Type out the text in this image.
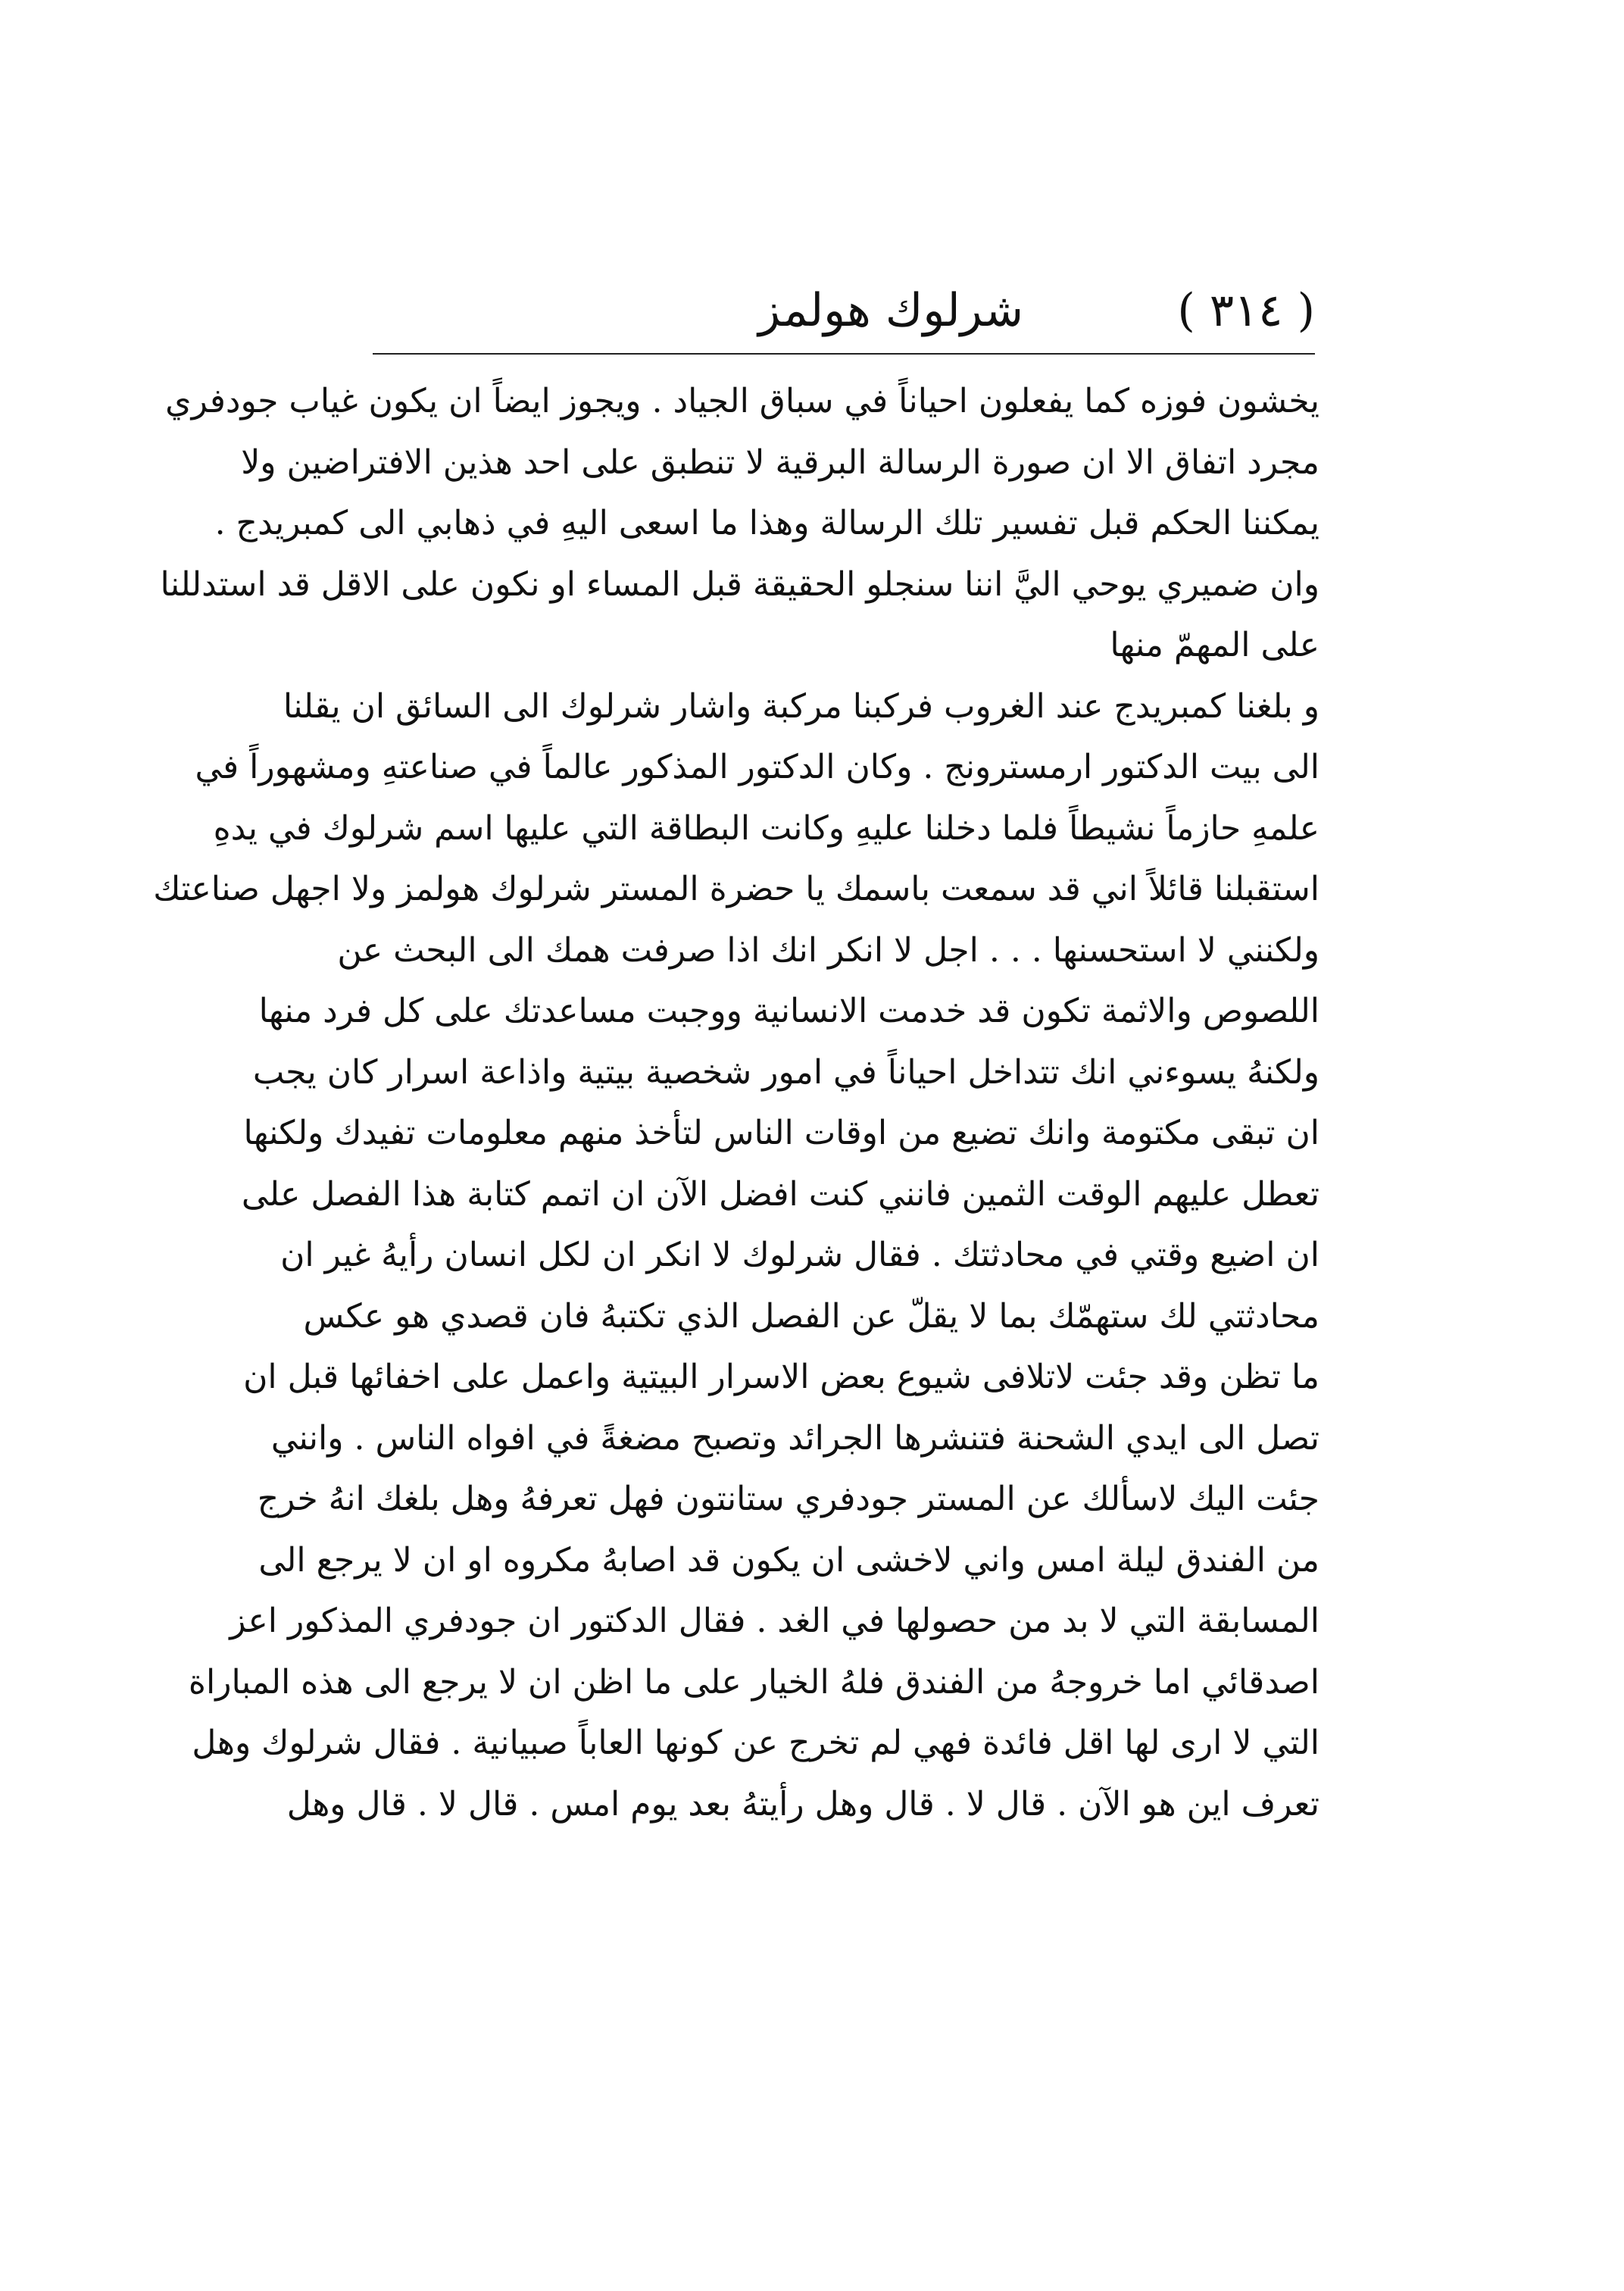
( ٣١٤ )
شرلوك هولمز
يخشون فوزه كما يفعلون احياناً في سباق الجياد . ويجوز ايضاً ان يكون غياب جودفري
مجرد اتفاق الا ان صورة الرسالة البرقية لا تنطبق على احد هذين الافتراضين ولا
يمكننا الحكم قبل تفسير تلك الرسالة وهذا ما اسعى اليهِ في ذهابي الى كمبريدج .
وان ضميري يوحي اليَّ اننا سنجلو الحقيقة قبل المساء او نكون على الاقل قد استدللنا
على المهمّ منها
و بلغنا كمبريدج عند الغروب فركبنا مركبة واشار شرلوك الى السائق ان يقلنا
الى بيت الدكتور ارمسترونج . وكان الدكتور المذكور عالماً في صناعتهِ ومشهوراً في
علمهِ حازماً نشيطاً فلما دخلنا عليهِ وكانت البطاقة التي عليها اسم شرلوك في يدهِ
استقبلنا قائلاً اني قد سمعت باسمك يا حضرة المستر شرلوك هولمز ولا اجهل صناعتك
ولكنني لا استحسنها . . . اجل لا انكر انك اذا صرفت همك الى البحث عن
اللصوص والاثمة تكون قد خدمت الانسانية ووجبت مساعدتك على كل فرد منها
ولكنهُ يسوءني انك تتداخل احياناً في امور شخصية بيتية واذاعة اسرار كان يجب
ان تبقى مكتومة وانك تضيع من اوقات الناس لتأخذ منهم معلومات تفيدك ولكنها
تعطل عليهم الوقت الثمين فانني كنت افضل الآن ان اتمم كتابة هذا الفصل على
ان اضيع وقتي في محادثتك . فقال شرلوك لا انكر ان لكل انسان رأيهُ غير ان
محادثتي لك ستهمّك بما لا يقلّ عن الفصل الذي تكتبهُ فان قصدي هو عكس
ما تظن وقد جئت لاتلافى شيوع بعض الاسرار البيتية واعمل على اخفائها قبل ان
تصل الى ايدي الشحنة فتنشرها الجرائد وتصبح مضغةً في افواه الناس . وانني
جئت اليك لاسألك عن المستر جودفري ستانتون فهل تعرفهُ وهل بلغك انهُ خرج
من الفندق ليلة امس واني لاخشى ان يكون قد اصابهُ مكروه او ان لا يرجع الى
المسابقة التي لا بد من حصولها في الغد . فقال الدكتور ان جودفري المذكور اعز
اصدقائي اما خروجهُ من الفندق فلهُ الخيار على ما اظن ان لا يرجع الى هذه المباراة
التي لا ارى لها اقل فائدة فهي لم تخرج عن كونها العاباً صبيانية . فقال شرلوك وهل
تعرف اين هو الآن . قال لا . قال وهل رأيتهُ بعد يوم امس . قال لا . قال وهل
